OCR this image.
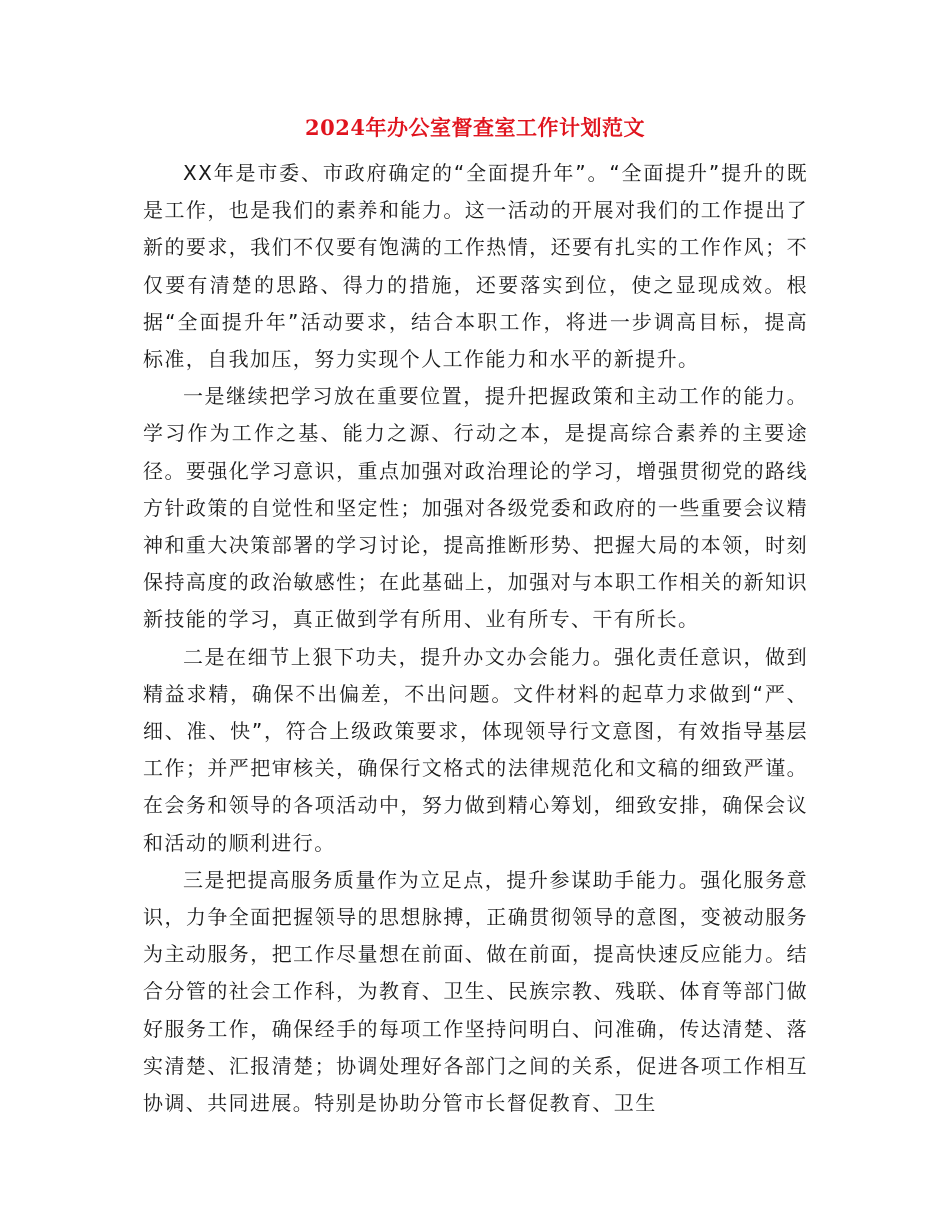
2024年办公室督查室工作计划范文

XX年是市委、市政府确定的“全面提升年”。“全面提升”提升的既是工作，也是我们的素养和能力。这一活动的开展对我们的工作提出了新的要求，我们不仅要有饱满的工作热情，还要有扎实的工作作风；不仅要有清楚的思路、得力的措施，还要落实到位，使之显现成效。根据“全面提升年”活动要求，结合本职工作，将进一步调高目标，提高标准，自我加压，努力实现个人工作能力和水平的新提升。

一是继续把学习放在重要位置，提升把握政策和主动工作的能力。学习作为工作之基、能力之源、行动之本，是提高综合素养的主要途径。要强化学习意识，重点加强对政治理论的学习，增强贯彻党的路线方针政策的自觉性和坚定性；加强对各级党委和政府的一些重要会议精神和重大决策部署的学习讨论，提高推断形势、把握大局的本领，时刻保持高度的政治敏感性；在此基础上，加强对与本职工作相关的新知识新技能的学习，真正做到学有所用、业有所专、干有所长。

二是在细节上狠下功夫，提升办文办会能力。强化责任意识，做到精益求精，确保不出偏差，不出问题。文件材料的起草力求做到“严、细、准、快”，符合上级政策要求，体现领导行文意图，有效指导基层工作；并严把审核关，确保行文格式的法律规范化和文稿的细致严谨。在会务和领导的各项活动中，努力做到精心筹划，细致安排，确保会议和活动的顺利进行。

三是把提高服务质量作为立足点，提升参谋助手能力。强化服务意识，力争全面把握领导的思想脉搏，正确贯彻领导的意图，变被动服务为主动服务，把工作尽量想在前面、做在前面，提高快速反应能力。结合分管的社会工作科，为教育、卫生、民族宗教、残联、体育等部门做好服务工作，确保经手的每项工作坚持问明白、问准确，传达清楚、落实清楚、汇报清楚；协调处理好各部门之间的关系，促进各项工作相互协调、共同进展。特别是协助分管市长督促教育、卫生
